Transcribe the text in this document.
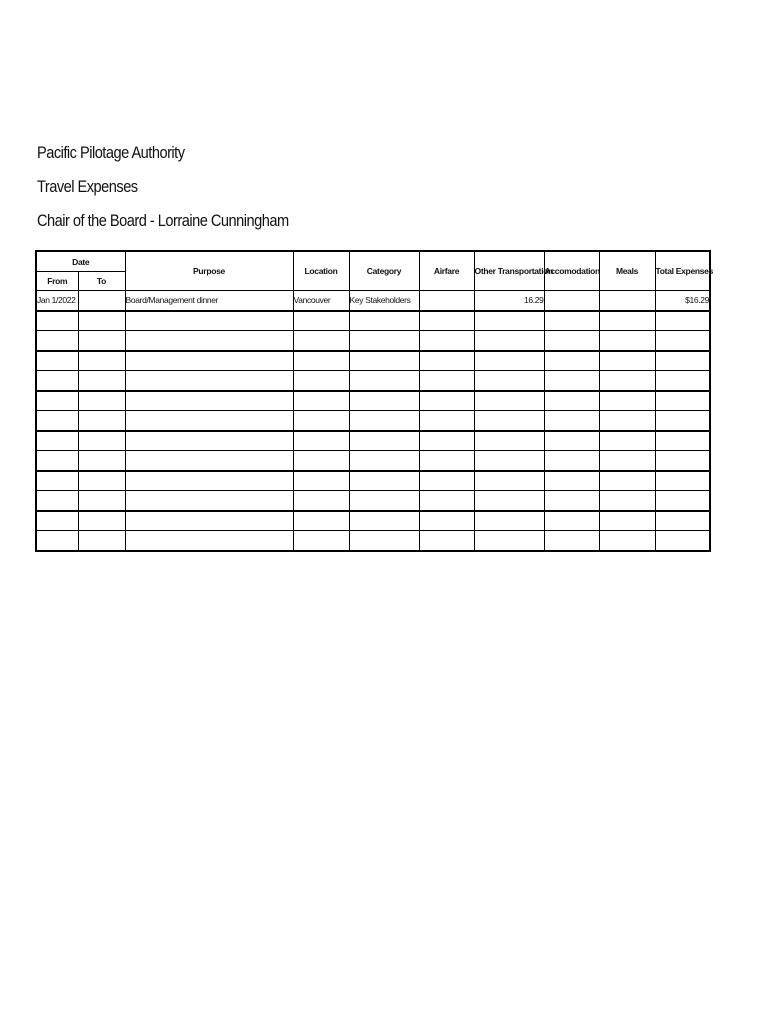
Pacific Pilotage Authority
Travel Expenses
Chair of the Board - Lorraine Cunningham
Date		Purpose	Location	Category	Airfare	Other Transportation	Accomodation	Meals	Total Expenses
From	To								
Jan 1/2022		Board/Management dinner	Vancouver	Key Stakeholders		16.29			$16.29
